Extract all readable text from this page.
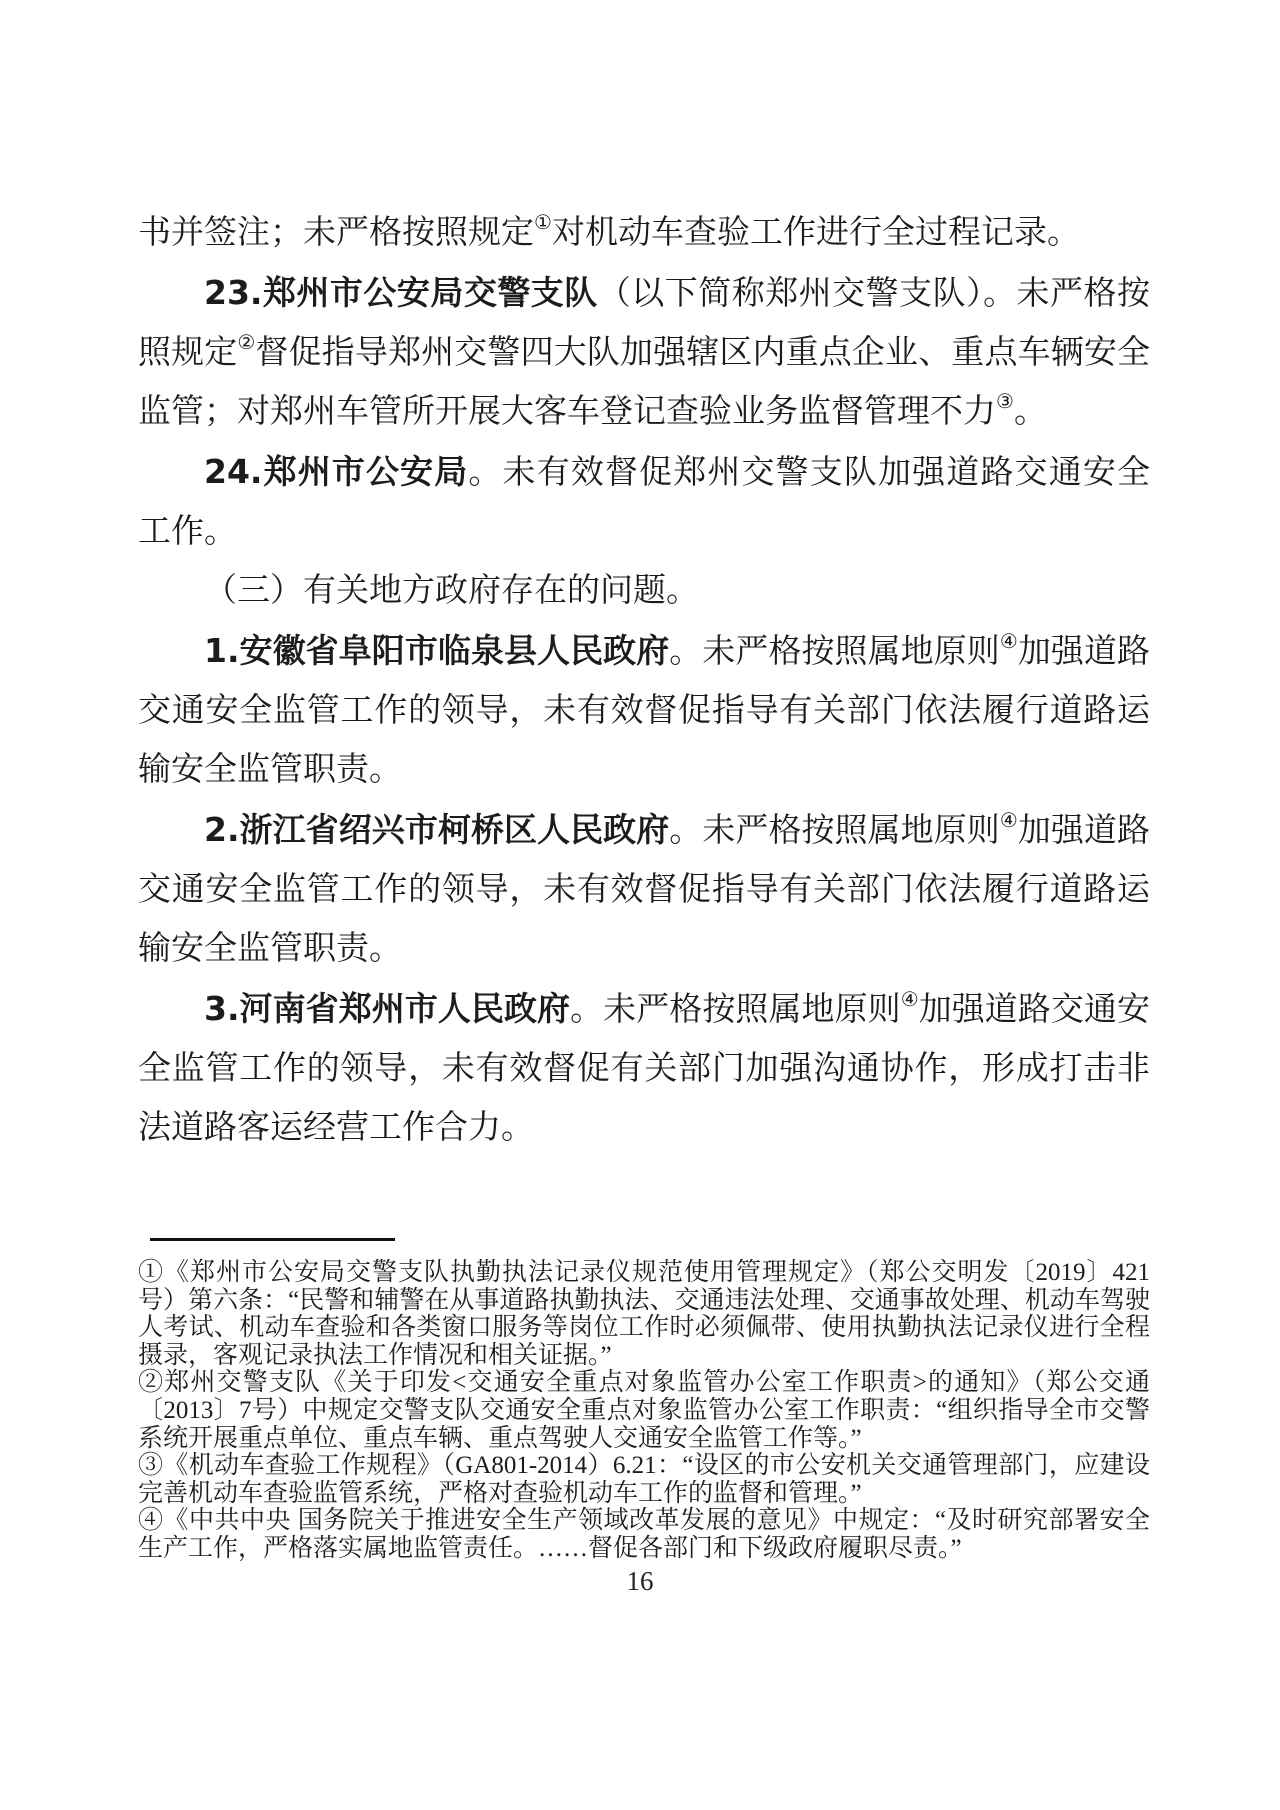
书并签注；未严格按照规定①对机动车查验工作进行全过程记录。

23.郑州市公安局交警支队（以下简称郑州交警支队）。未严格按照规定②督促指导郑州交警四大队加强辖区内重点企业、重点车辆安全监管；对郑州车管所开展大客车登记查验业务监督管理不力③。

24.郑州市公安局。未有效督促郑州交警支队加强道路交通安全工作。

（三）有关地方政府存在的问题。

1.安徽省阜阳市临泉县人民政府。未严格按照属地原则④加强道路交通安全监管工作的领导，未有效督促指导有关部门依法履行道路运输安全监管职责。

2.浙江省绍兴市柯桥区人民政府。未严格按照属地原则④加强道路交通安全监管工作的领导，未有效督促指导有关部门依法履行道路运输安全监管职责。

3.河南省郑州市人民政府。未严格按照属地原则④加强道路交通安全监管工作的领导，未有效督促有关部门加强沟通协作，形成打击非法道路客运经营工作合力。

①《郑州市公安局交警支队执勤执法记录仪规范使用管理规定》（郑公交明发〔2019〕421号）第六条：“民警和辅警在从事道路执勤执法、交通违法处理、交通事故处理、机动车驾驶人考试、机动车查验和各类窗口服务等岗位工作时必须佩带、使用执勤执法记录仪进行全程摄录，客观记录执法工作情况和相关证据。”

②郑州交警支队《关于印发<交通安全重点对象监管办公室工作职责>的通知》（郑公交通〔2013〕7号）中规定交警支队交通安全重点对象监管办公室工作职责：“组织指导全市交警系统开展重点单位、重点车辆、重点驾驶人交通安全监管工作等。”

③《机动车查验工作规程》（GA801-2014）6.21：“设区的市公安机关交通管理部门，应建设完善机动车查验监管系统，严格对查验机动车工作的监督和管理。”

④《中共中央 国务院关于推进安全生产领域改革发展的意见》中规定：“及时研究部署安全生产工作，严格落实属地监管责任。……督促各部门和下级政府履职尽责。”

16
